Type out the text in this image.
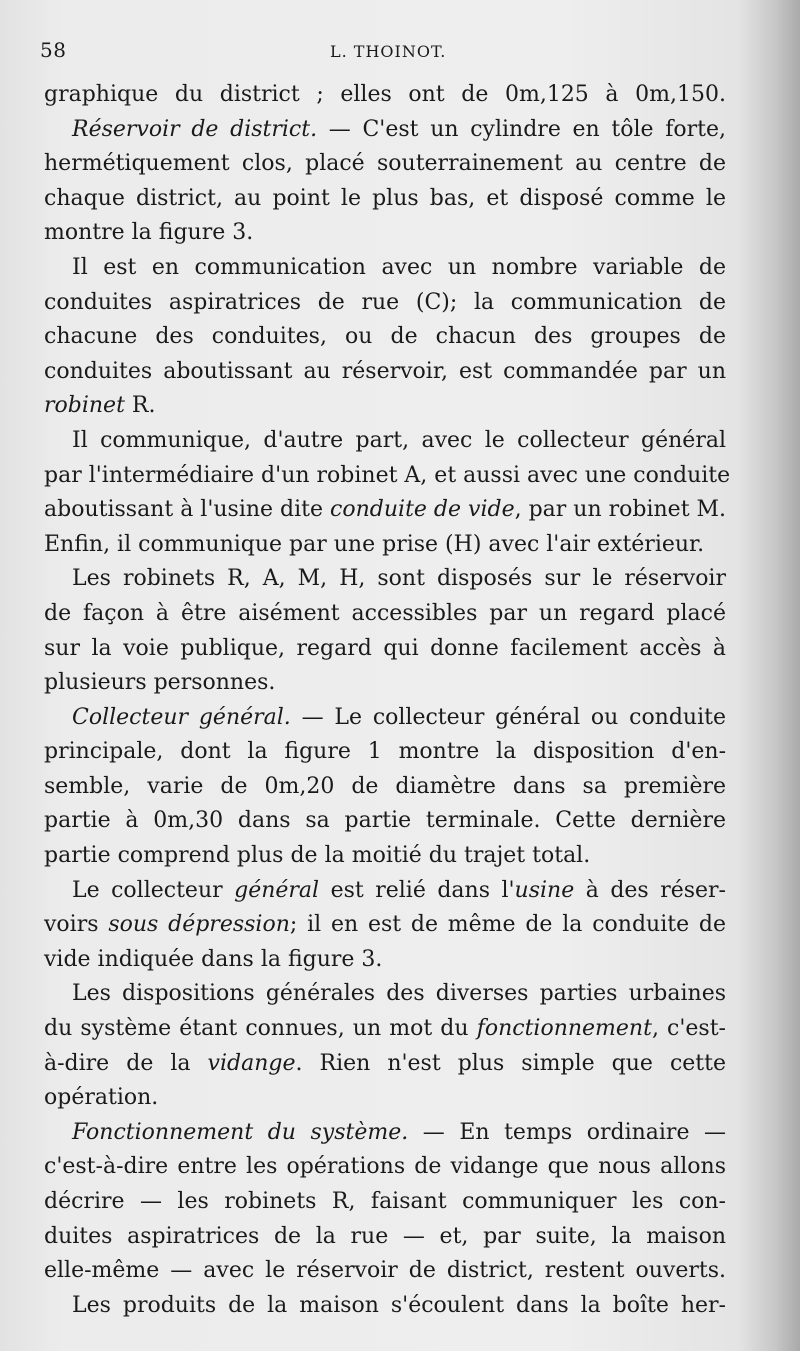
58	L. THOINOT.
graphique du district ; elles ont de 0m,125 à 0m,150.
Réservoir de district. — C'est un cylindre en tôle forte,
hermétiquement clos, placé souterrainement au centre de
chaque district, au point le plus bas, et disposé comme le
montre la figure 3.
Il est en communication avec un nombre variable de
conduites aspiratrices de rue (C); la communication de
chacune des conduites, ou de chacun des groupes de
conduites aboutissant au réservoir, est commandée par un
robinet R.
Il communique, d'autre part, avec le collecteur général
par l'intermédiaire d'un robinet A, et aussi avec une conduite
aboutissant à l'usine dite conduite de vide, par un robinet M.
Enfin, il communique par une prise (H) avec l'air extérieur.
Les robinets R, A, M, H, sont disposés sur le réservoir
de façon à être aisément accessibles par un regard placé
sur la voie publique, regard qui donne facilement accès à
plusieurs personnes.
Collecteur général. — Le collecteur général ou conduite
principale, dont la figure 1 montre la disposition d'en-
semble, varie de 0m,20 de diamètre dans sa première
partie à 0m,30 dans sa partie terminale. Cette dernière
partie comprend plus de la moitié du trajet total.
Le collecteur général est relié dans l'usine à des réser-
voirs sous dépression; il en est de même de la conduite de
vide indiquée dans la figure 3.
Les dispositions générales des diverses parties urbaines
du système étant connues, un mot du fonctionnement, c'est-
à-dire de la vidange. Rien n'est plus simple que cette
opération.
Fonctionnement du système. — En temps ordinaire —
c'est-à-dire entre les opérations de vidange que nous allons
décrire — les robinets R, faisant communiquer les con-
duites aspiratrices de la rue — et, par suite, la maison
elle-même — avec le réservoir de district, restent ouverts.
Les produits de la maison s'écoulent dans la boîte her-
